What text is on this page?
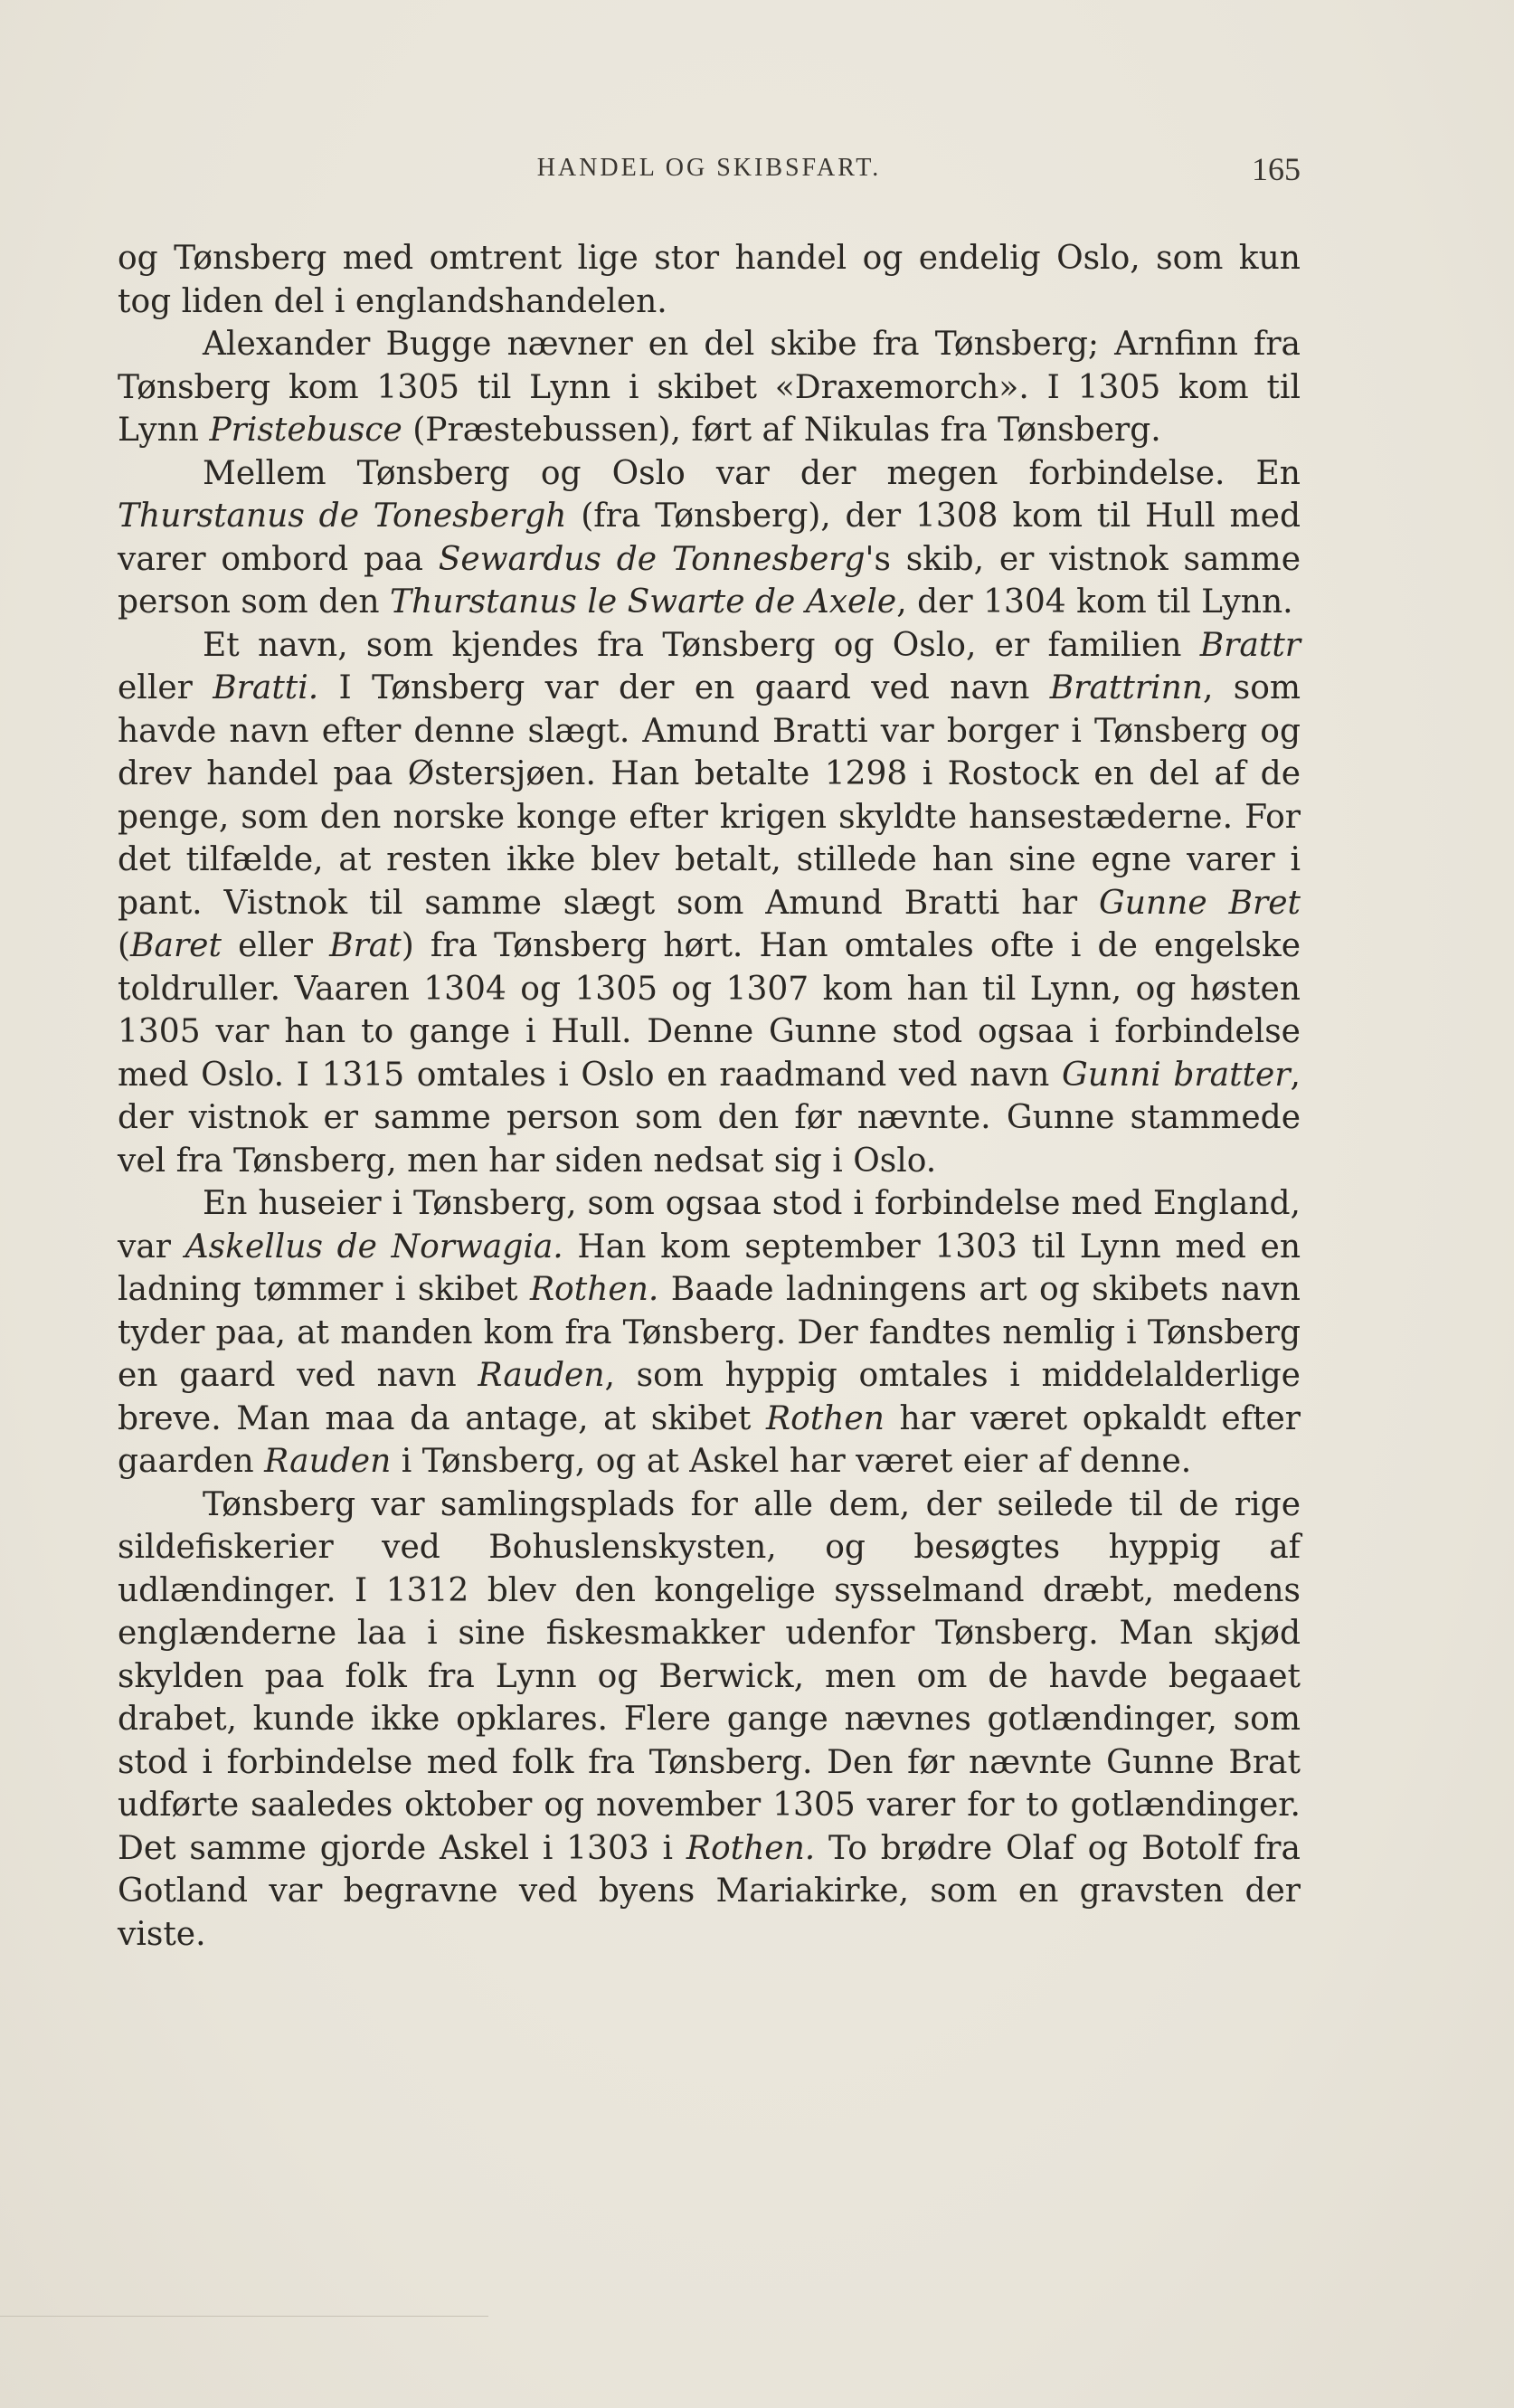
HANDEL OG SKIBSFART.	165

og Tønsberg med omtrent lige stor handel og endelig Oslo, som kun tog liden del i englandshandelen.

Alexander Bugge nævner en del skibe fra Tønsberg; Arnfinn fra Tønsberg kom 1305 til Lynn i skibet «Draxemorch». I 1305 kom til Lynn Pristebusce (Præstebussen), ført af Nikulas fra Tønsberg.

Mellem Tønsberg og Oslo var der megen forbindelse. En Thurstanus de Tonesbergh (fra Tønsberg), der 1308 kom til Hull med varer ombord paa Sewardus de Tonnesberg's skib, er vistnok samme person som den Thurstanus le Swarte de Axele, der 1304 kom til Lynn.

Et navn, som kjendes fra Tønsberg og Oslo, er familien Brattr eller Bratti. I Tønsberg var der en gaard ved navn Brattrinn, som havde navn efter denne slægt. Amund Bratti var borger i Tønsberg og drev handel paa Østersjøen. Han betalte 1298 i Rostock en del af de penge, som den norske konge efter krigen skyldte hansestæderne. For det tilfælde, at resten ikke blev betalt, stillede han sine egne varer i pant. Vistnok til samme slægt som Amund Bratti har Gunne Bret (Baret eller Brat) fra Tønsberg hørt. Han omtales ofte i de engelske toldruller. Vaaren 1304 og 1305 og 1307 kom han til Lynn, og høsten 1305 var han to gange i Hull. Denne Gunne stod ogsaa i forbindelse med Oslo. I 1315 omtales i Oslo en raadmand ved navn Gunni bratter, der vistnok er samme person som den før nævnte. Gunne stammede vel fra Tønsberg, men har siden nedsat sig i Oslo.

En huseier i Tønsberg, som ogsaa stod i forbindelse med England, var Askellus de Norwagia. Han kom september 1303 til Lynn med en ladning tømmer i skibet Rothen. Baade ladningens art og skibets navn tyder paa, at manden kom fra Tønsberg. Der fandtes nemlig i Tønsberg en gaard ved navn Rauden, som hyppig omtales i middelalderlige breve. Man maa da antage, at skibet Rothen har været opkaldt efter gaarden Rauden i Tønsberg, og at Askel har været eier af denne.

Tønsberg var samlingsplads for alle dem, der seilede til de rige sildefiskerier ved Bohuslenskysten, og besøgtes hyppig af udlændinger. I 1312 blev den kongelige sysselmand dræbt, medens englænderne laa i sine fiskesmakker udenfor Tønsberg. Man skjød skylden paa folk fra Lynn og Berwick, men om de havde begaaet drabet, kunde ikke opklares. Flere gange nævnes gotlændinger, som stod i forbindelse med folk fra Tønsberg. Den før nævnte Gunne Brat udførte saaledes oktober og november 1305 varer for to gotlændinger. Det samme gjorde Askel i 1303 i Rothen. To brødre Olaf og Botolf fra Gotland var begravne ved byens Mariakirke, som en gravsten der viste.
